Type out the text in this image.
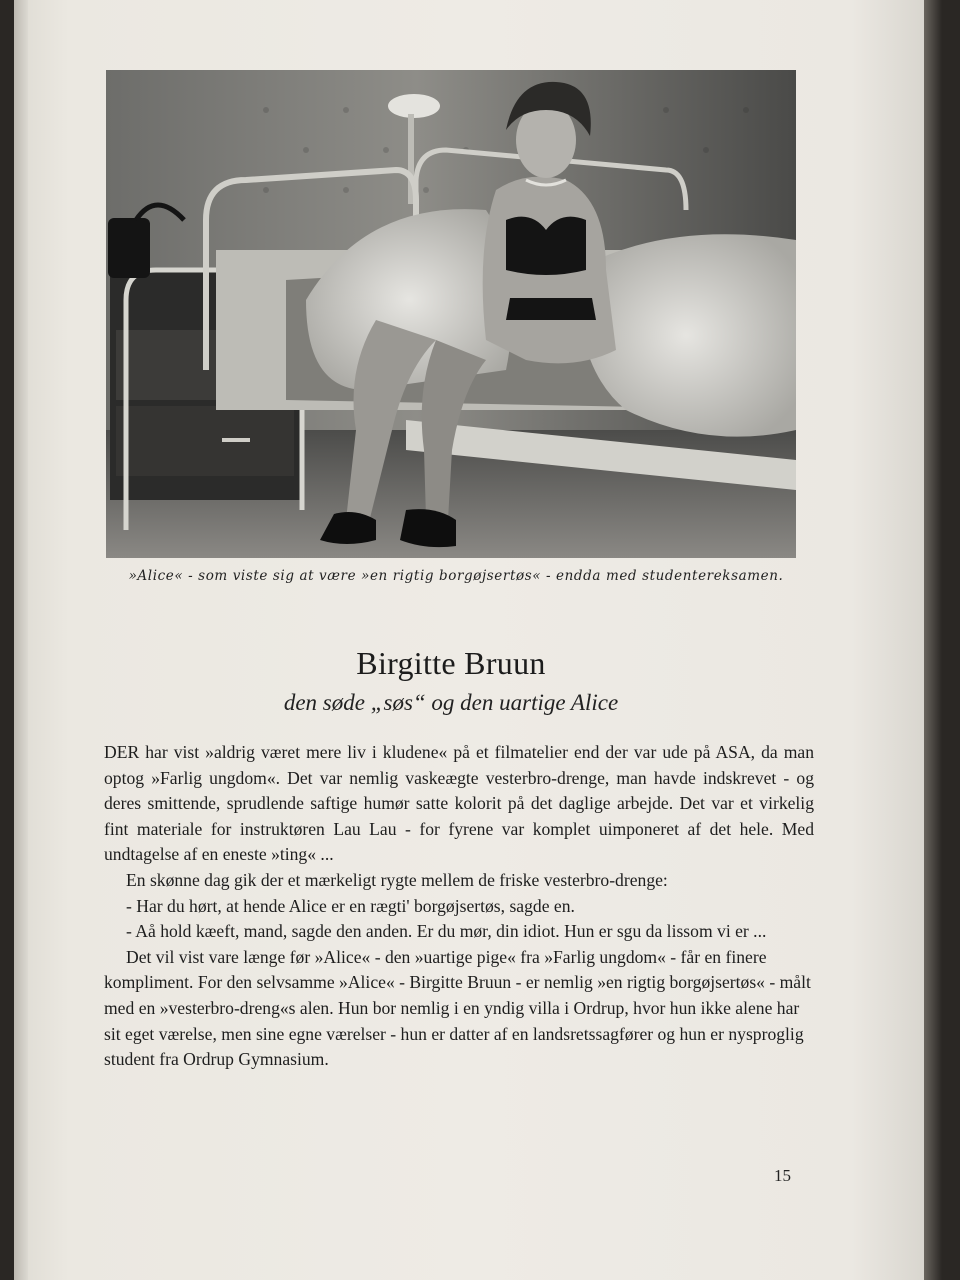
»Alice« - som viste sig at være »en rigtig borgøjsertøs« - endda med studentereksamen.
Birgitte Bruun
den søde „søs“ og den uartige Alice

DER har vist »aldrig været mere liv i kludene« på et filmatelier end der var ude på ASA, da man optog »Farlig ungdom«. Det var nemlig vaskeægte vesterbro-drenge, man havde indskrevet - og deres smittende, sprudlende saftige humør satte kolorit på det daglige arbejde. Det var et virkelig fint materiale for instruktøren Lau Lau - for fyrene var komplet uimponeret af det hele. Med undtagelse af en eneste »ting« ...

En skønne dag gik der et mærkeligt rygte mellem de friske vesterbro-drenge:

- Har du hørt, at hende Alice er en rægti' borgøjsertøs, sagde en.

- Aå hold kæeft, mand, sagde den anden. Er du mør, din idiot. Hun er sgu da lissom vi er ...

Det vil vist vare længe før »Alice« - den »uartige pige« fra »Farlig ungdom« - får en finere kompliment. For den selvsamme »Alice« - Birgitte Bruun - er nemlig »en rigtig borgøjsertøs« - målt med en »vesterbro-dreng«s alen. Hun bor nemlig i en yndig villa i Ordrup, hvor hun ikke alene har sit eget værelse, men sine egne værelser - hun er datter af en landsretssagfører og hun er nysproglig student fra Ordrup Gymnasium.

15
